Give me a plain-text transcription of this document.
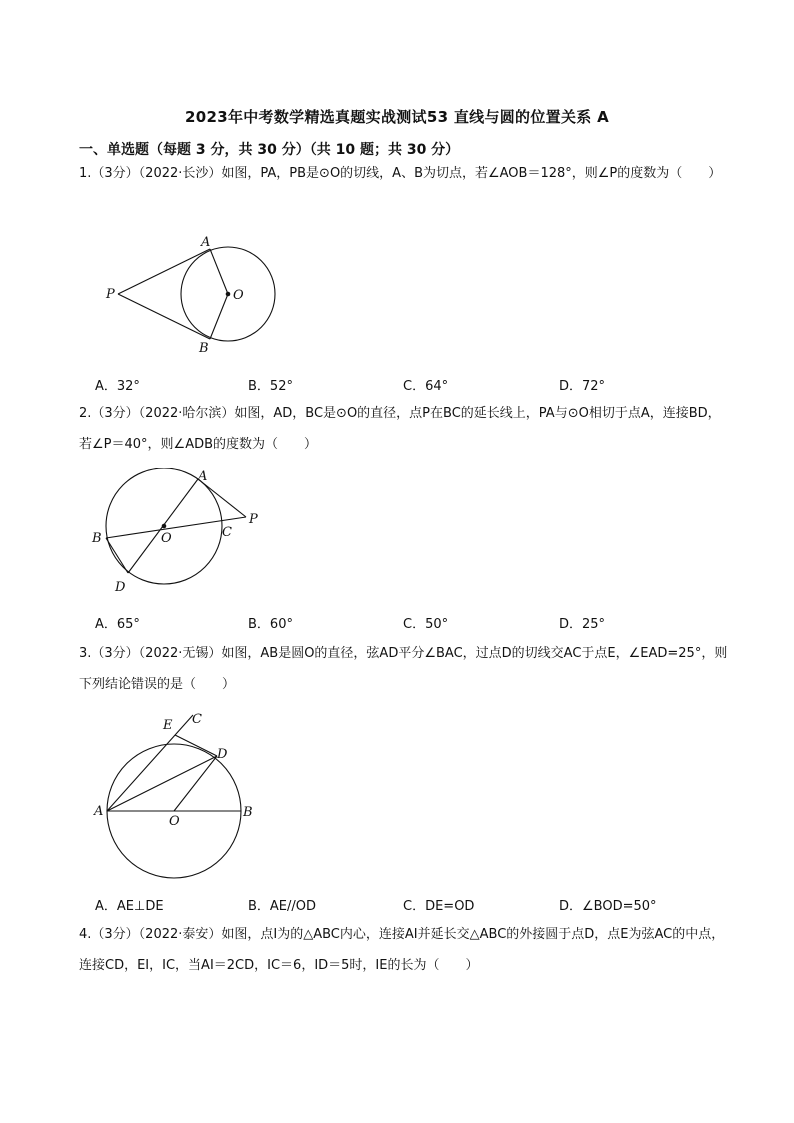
2023年中考数学精选真题实战测试53 直线与圆的位置关系 A
一、单选题（每题 3 分，共 30 分）（共 10 题；共 30 分）
1.（3分）（2022·长沙）如图，PA，PB是⊙O的切线，A、B为切点，若∠AOB＝128°，则∠P的度数为（　　）
A
B
O
P
A．32°	B．52°	C．64°	D．72°
2.（3分）（2022·哈尔滨）如图，AD，BC是⊙O的直径，点P在BC的延长线上，PA与⊙O相切于点A，连接BD，若∠P＝40°，则∠ADB的度数为（　　）
A
B	C
D
O
P
A．65°	B．60°	C．50°	D．25°
3.（3分）（2022·无锡）如图，AB是圆O的直径，弦AD平分∠BAC，过点D的切线交AC于点E，∠EAD=25°，则下列结论错误的是（　　）
E C
D
A
O
B
A．AE⊥DE	B．AE//OD	C．DE=OD	D．∠BOD=50°
4.（3分）（2022·泰安）如图，点I为的△ABC内心，连接AI并延长交△ABC的外接圆于点D，点E为弦AC的中点，连接CD，EI，IC，当AI＝2CD，IC＝6，ID＝5时，IE的长为（　　）
